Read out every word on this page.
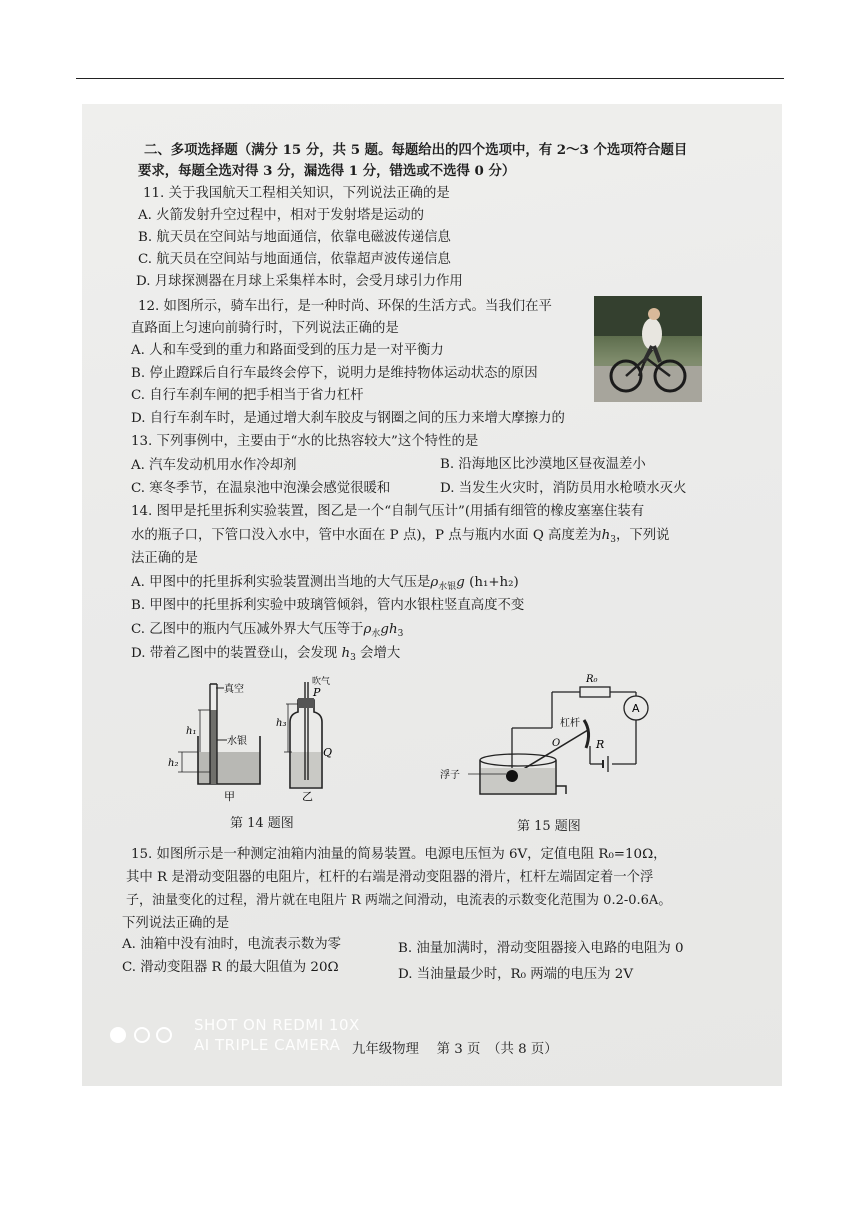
二、多项选择题（满分 15 分，共 5 题。每题给出的四个选项中，有 2～3 个选项符合题目
要求，每题全选对得 3 分，漏选得 1 分，错选或不选得 0 分）
11. 关于我国航天工程相关知识，下列说法正确的是
A. 火箭发射升空过程中，相对于发射塔是运动的
B. 航天员在空间站与地面通信，依靠电磁波传递信息
C. 航天员在空间站与地面通信，依靠超声波传递信息
D. 月球探测器在月球上采集样本时，会受月球引力作用
12. 如图所示，骑车出行，是一种时尚、环保的生活方式。当我们在平
直路面上匀速向前骑行时，下列说法正确的是
A. 人和车受到的重力和路面受到的压力是一对平衡力
B. 停止蹬踩后自行车最终会停下，说明力是维持物体运动状态的原因
C. 自行车刹车闸的把手相当于省力杠杆
D. 自行车刹车时，是通过增大刹车胶皮与钢圈之间的压力来增大摩擦力的
13. 下列事例中，主要由于“水的比热容较大”这个特性的是
A. 汽车发动机用水作冷却剂	B. 沿海地区比沙漠地区昼夜温差小
C. 寒冬季节，在温泉池中泡澡会感觉很暖和	D. 当发生火灾时，消防员用水枪喷水灭火
14. 图甲是托里拆利实验装置，图乙是一个“自制气压计”(用插有细管的橡皮塞塞住装有
水的瓶子口，下管口没入水中，管中水面在 P 点)，P 点与瓶内水面 Q 高度差为$h_3$，下列说
法正确的是
A. 甲图中的托里拆利实验装置测出当地的大气压是$\rho_{水银}g$ (h₁+h₂)
B. 甲图中的托里拆利实验中玻璃管倾斜，管内水银柱竖直高度不变
C. 乙图中的瓶内气压减外界大气压等于$\rho_水gh_3$
D. 带着乙图中的装置登山，会发现 $h_3$ 会增大
真空
水银
h₁
h₂
甲
吹气
P
h₃
Q
乙
第 14 题图
R₀
A
杠杆
O	R
浮子
第 15 题图
15. 如图所示是一种测定油箱内油量的简易装置。电源电压恒为 6V，定值电阻 R₀=10Ω，
其中 R 是滑动变阻器的电阻片，杠杆的右端是滑动变阻器的滑片，杠杆左端固定着一个浮
子，油量变化的过程，滑片就在电阻片 R 两端之间滑动，电流表的示数变化范围为 0.2-0.6A。
下列说法正确的是
A. 油箱中没有油时，电流表示数为零	B. 油量加满时，滑动变阻器接入电路的电阻为 0
C. 滑动变阻器 R 的最大阻值为 20Ω	D. 当油量最少时，R₀ 两端的电压为 2V
SHOT ON REDMI 10X
AI TRIPLE CAMERA 九年级物理　 第 3 页　（共 8 页）
